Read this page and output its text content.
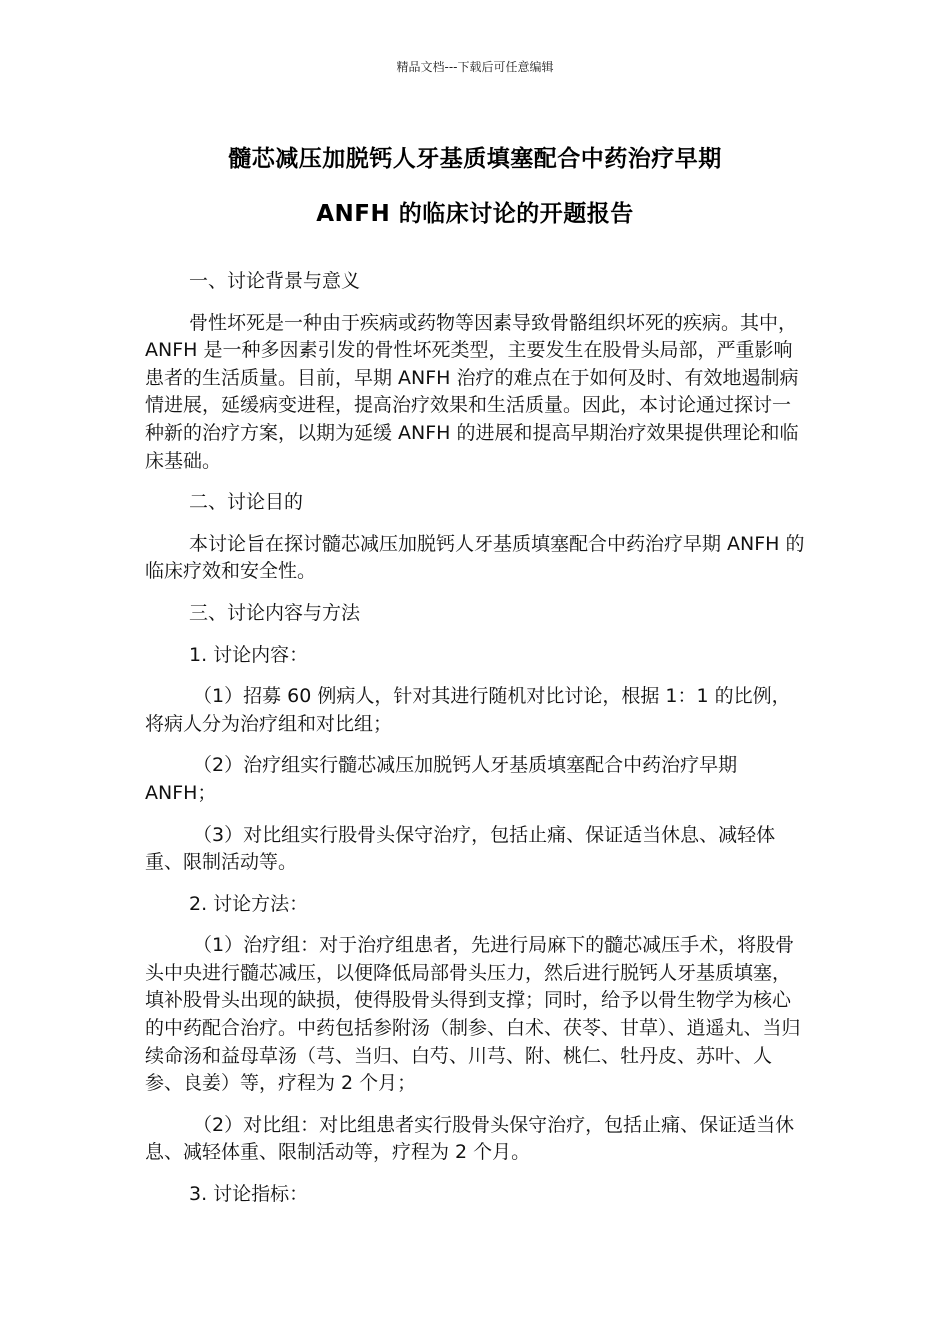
精品文档---下载后可任意编辑
髓芯减压加脱钙人牙基质填塞配合中药治疗早期
ANFH 的临床讨论的开题报告

一、讨论背景与意义

骨性坏死是一种由于疾病或药物等因素导致骨骼组织坏死的疾病。其中，ANFH 是一种多因素引发的骨性坏死类型，主要发生在股骨头局部，严重影响患者的生活质量。目前，早期 ANFH 治疗的难点在于如何及时、有效地遏制病情进展，延缓病变进程，提高治疗效果和生活质量。因此，本讨论通过探讨一种新的治疗方案，以期为延缓 ANFH 的进展和提高早期治疗效果提供理论和临床基础。

二、讨论目的

本讨论旨在探讨髓芯减压加脱钙人牙基质填塞配合中药治疗早期 ANFH 的临床疗效和安全性。

三、讨论内容与方法

1. 讨论内容：

（1）招募 60 例病人，针对其进行随机对比讨论，根据 1：1 的比例，将病人分为治疗组和对比组；

（2）治疗组实行髓芯减压加脱钙人牙基质填塞配合中药治疗早期 ANFH；

（3）对比组实行股骨头保守治疗，包括止痛、保证适当休息、减轻体重、限制活动等。

2. 讨论方法：

（1）治疗组：对于治疗组患者，先进行局麻下的髓芯减压手术，将股骨头中央进行髓芯减压，以便降低局部骨头压力，然后进行脱钙人牙基质填塞，填补股骨头出现的缺损，使得股骨头得到支撑；同时，给予以骨生物学为核心的中药配合治疗。中药包括参附汤（制参、白术、茯苓、甘草）、逍遥丸、当归续命汤和益母草汤（芎、当归、白芍、川芎、附、桃仁、牡丹皮、苏叶、人参、良姜）等，疗程为 2 个月；

（2）对比组：对比组患者实行股骨头保守治疗，包括止痛、保证适当休息、减轻体重、限制活动等，疗程为 2 个月。

3. 讨论指标：
